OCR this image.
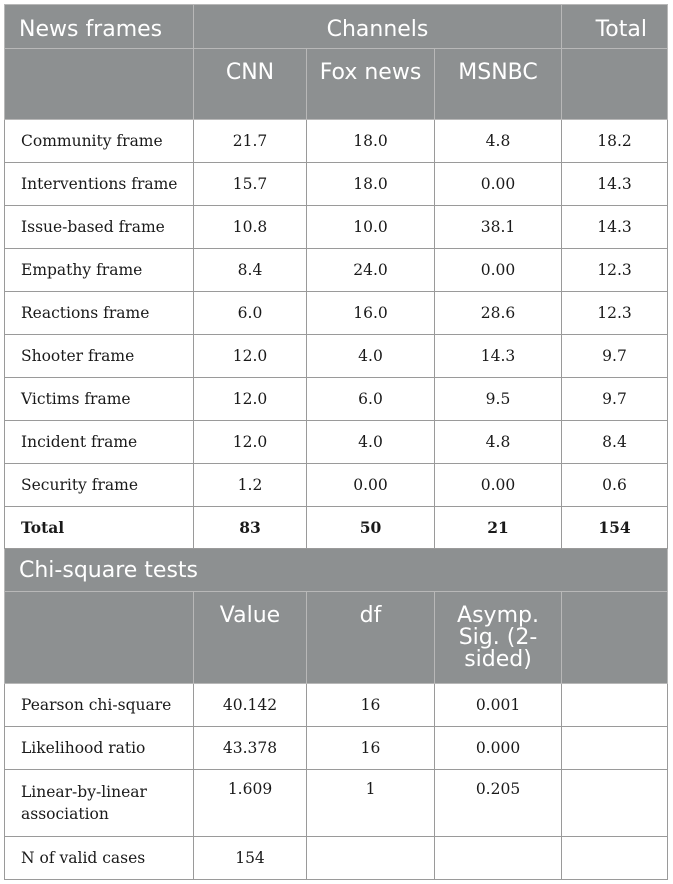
News frames	Channels			Total
	CNN	Fox news	MSNBC	
Community frame	21.7	18.0	4.8	18.2
Interventions frame	15.7	18.0	0.00	14.3
Issue-based frame	10.8	10.0	38.1	14.3
Empathy frame	8.4	24.0	0.00	12.3
Reactions frame	6.0	16.0	28.6	12.3
Shooter frame	12.0	4.0	14.3	9.7
Victims frame	12.0	6.0	9.5	9.7
Incident frame	12.0	4.0	4.8	8.4
Security frame	1.2	0.00	0.00	0.6
Total	83	50	21	154
Chi-square tests				
	Value	df	Asymp. Sig. (2-sided)	
Pearson chi-square	40.142	16	0.001	
Likelihood ratio	43.378	16	0.000	
Linear-by-linear association	1.609	1	0.205	
N of valid cases	154			
